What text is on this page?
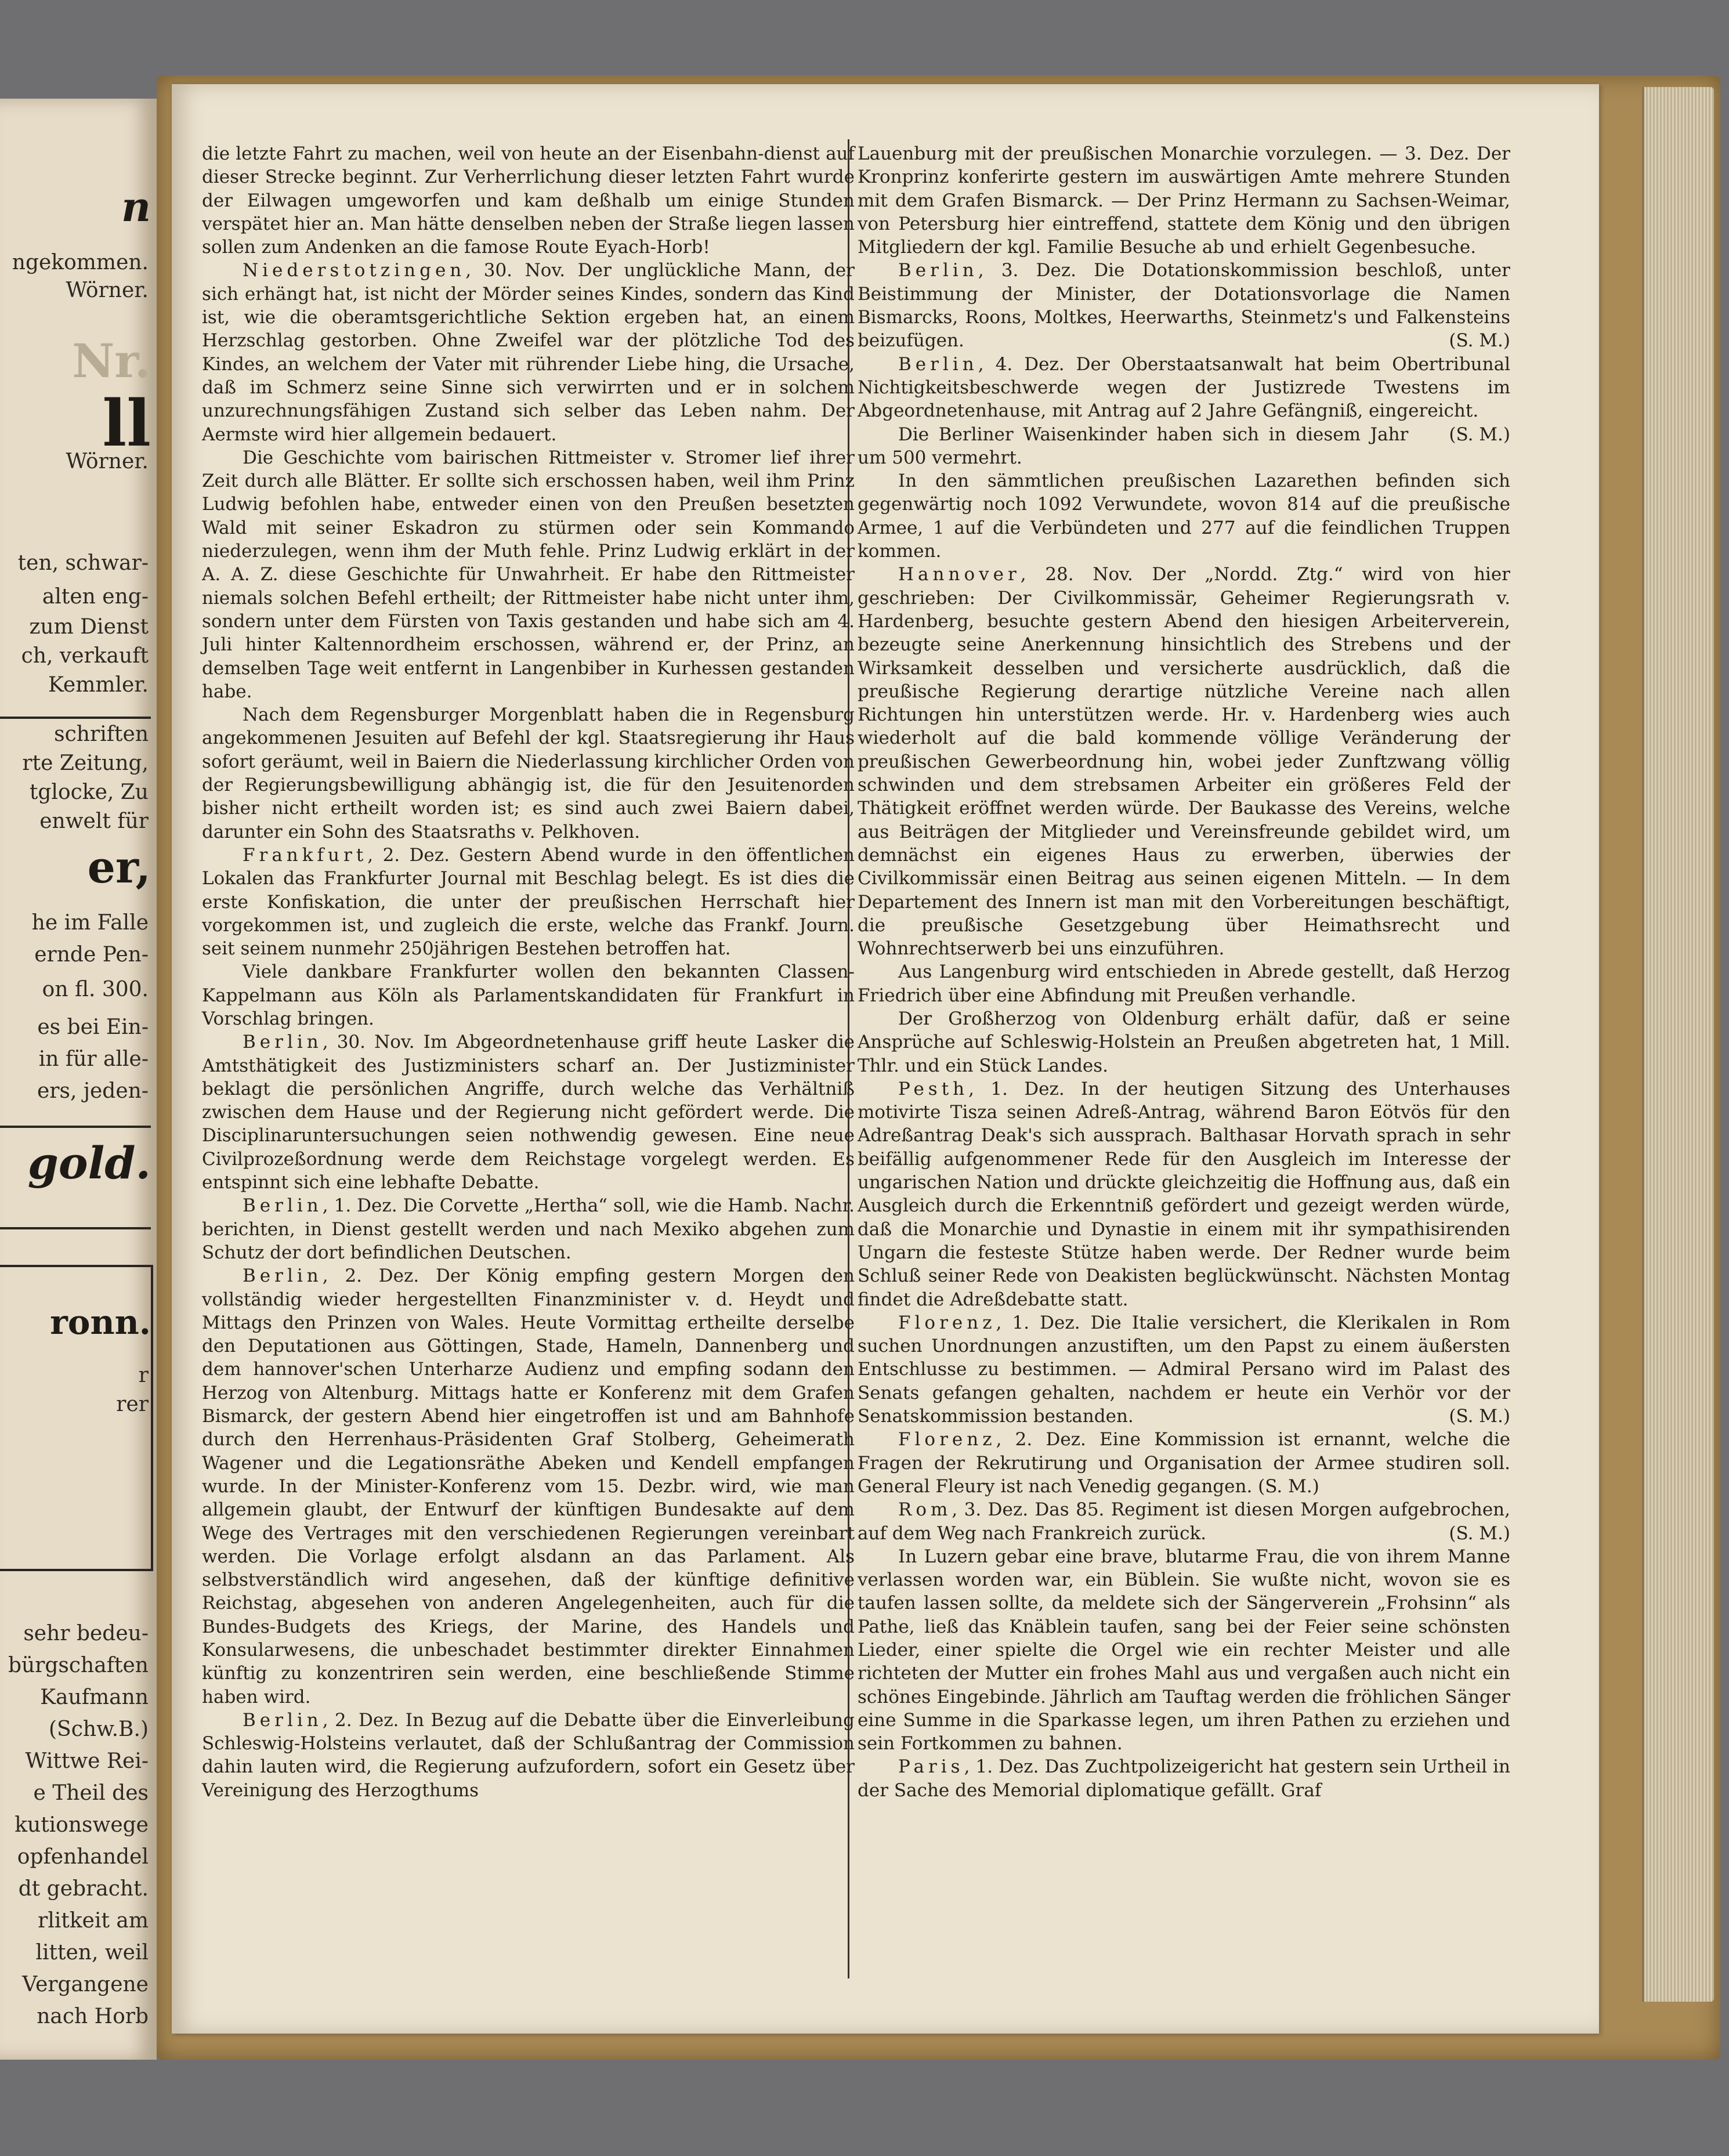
n
ngekommen.
Wörner.
Nr.
ll
Wörner.
ten, schwar-
alten eng-
zum Dienst
ch, verkauft
Kemmler.
schriften
rte Zeitung,
tglocke, Zu
enwelt für
er,
he im Falle
ernde Pen-
on fl. 300.
es bei Ein-
in für alle-
ers, jeden-
gold.
ronn.
r
rer
sehr bedeu-
bürgschaften
Kaufmann
(Schw.B.)
Wittwe Rei-
e Theil des
kutionswege
opfenhandel
dt gebracht.
rlitkeit am
litten, weil
Vergangene
nach Horb

die letzte Fahrt zu machen, weil von heute an der Eisenbahn-dienst auf dieser Strecke beginnt. Zur Verherrlichung dieser letzten Fahrt wurde der Eilwagen umgeworfen und kam deßhalb um einige Stunden verspätet hier an. Man hätte denselben neben der Straße liegen lassen sollen zum Andenken an die famose Route Eyach-Horb!

Niederstotzingen, 30. Nov. Der unglückliche Mann, der sich erhängt hat, ist nicht der Mörder seines Kindes, sondern das Kind ist, wie die oberamtsgerichtliche Sektion ergeben hat, an einem Herzschlag gestorben. Ohne Zweifel war der plötzliche Tod des Kindes, an welchem der Vater mit rührender Liebe hing, die Ursache, daß im Schmerz seine Sinne sich verwirrten und er in solchem unzurechnungsfähigen Zustand sich selber das Leben nahm. Der Aermste wird hier allgemein bedauert.

Die Geschichte vom bairischen Rittmeister v. Stromer lief ihrer Zeit durch alle Blätter. Er sollte sich erschossen haben, weil ihm Prinz Ludwig befohlen habe, entweder einen von den Preußen besetzten Wald mit seiner Eskadron zu stürmen oder sein Kommando niederzulegen, wenn ihm der Muth fehle. Prinz Ludwig erklärt in der A. A. Z. diese Geschichte für Unwahrheit. Er habe den Rittmeister niemals solchen Befehl ertheilt; der Rittmeister habe nicht unter ihm, sondern unter dem Fürsten von Taxis gestanden und habe sich am 4. Juli hinter Kaltennordheim erschossen, während er, der Prinz, an demselben Tage weit entfernt in Langenbiber in Kurhessen gestanden habe.

Nach dem Regensburger Morgenblatt haben die in Regensburg angekommenen Jesuiten auf Befehl der kgl. Staatsregierung ihr Haus sofort geräumt, weil in Baiern die Niederlassung kirchlicher Orden von der Regierungsbewilligung abhängig ist, die für den Jesuitenorden bisher nicht ertheilt worden ist; es sind auch zwei Baiern dabei, darunter ein Sohn des Staatsraths v. Pelkhoven.

Frankfurt, 2. Dez. Gestern Abend wurde in den öffentlichen Lokalen das Frankfurter Journal mit Beschlag belegt. Es ist dies die erste Konfiskation, die unter der preußischen Herrschaft hier vorgekommen ist, und zugleich die erste, welche das Frankf. Journ. seit seinem nunmehr 250jährigen Bestehen betroffen hat.

Viele dankbare Frankfurter wollen den bekannten Classen-Kappelmann aus Köln als Parlamentskandidaten für Frankfurt in Vorschlag bringen.

Berlin, 30. Nov. Im Abgeordnetenhause griff heute Lasker die Amtsthätigkeit des Justizministers scharf an. Der Justizminister beklagt die persönlichen Angriffe, durch welche das Verhältniß zwischen dem Hause und der Regierung nicht gefördert werde. Die Disciplinaruntersuchungen seien nothwendig gewesen. Eine neue Civilprozeßordnung werde dem Reichstage vorgelegt werden. Es entspinnt sich eine lebhafte Debatte.

Berlin, 1. Dez. Die Corvette „Hertha“ soll, wie die Hamb. Nachr. berichten, in Dienst gestellt werden und nach Mexiko abgehen zum Schutz der dort befindlichen Deutschen.

Berlin, 2. Dez. Der König empfing gestern Morgen den vollständig wieder hergestellten Finanzminister v. d. Heydt und Mittags den Prinzen von Wales. Heute Vormittag ertheilte derselbe den Deputationen aus Göttingen, Stade, Hameln, Dannenberg und dem hannover'schen Unterharze Audienz und empfing sodann den Herzog von Altenburg. Mittags hatte er Konferenz mit dem Grafen Bismarck, der gestern Abend hier eingetroffen ist und am Bahnhofe durch den Herrenhaus-Präsidenten Graf Stolberg, Geheimerath Wagener und die Legationsräthe Abeken und Kendell empfangen wurde. In der Minister-Konferenz vom 15. Dezbr. wird, wie man allgemein glaubt, der Entwurf der künftigen Bundesakte auf dem Wege des Vertrages mit den verschiedenen Regierungen vereinbart werden. Die Vorlage erfolgt alsdann an das Parlament. Als selbstverständlich wird angesehen, daß der künftige definitive Reichstag, abgesehen von anderen Angelegenheiten, auch für die Bundes-Budgets des Kriegs, der Marine, des Handels und Konsularwesens, die unbeschadet bestimmter direkter Einnahmen künftig zu konzentriren sein werden, eine beschließende Stimme haben wird.

Berlin, 2. Dez. In Bezug auf die Debatte über die Einverleibung Schleswig-Holsteins verlautet, daß der Schlußantrag der Commission dahin lauten wird, die Regierung aufzufordern, sofort ein Gesetz über Vereinigung des Herzogthums

Lauenburg mit der preußischen Monarchie vorzulegen. — 3. Dez. Der Kronprinz konferirte gestern im auswärtigen Amte mehrere Stunden mit dem Grafen Bismarck. — Der Prinz Hermann zu Sachsen-Weimar, von Petersburg hier eintreffend, stattete dem König und den übrigen Mitgliedern der kgl. Familie Besuche ab und erhielt Gegenbesuche.

Berlin, 3. Dez. Die Dotationskommission beschloß, unter Beistimmung der Minister, der Dotationsvorlage die Namen Bismarcks, Roons, Moltkes, Heerwarths, Steinmetz's und Falkensteins beizufügen.	(S. M.)

Berlin, 4. Dez. Der Oberstaatsanwalt hat beim Obertribunal Nichtigkeitsbeschwerde wegen der Justizrede Twestens im Abgeordnetenhause, mit Antrag auf 2 Jahre Gefängniß, eingereicht.
(S. M.)

Die Berliner Waisenkinder haben sich in diesem Jahr um 500 vermehrt.

In den sämmtlichen preußischen Lazarethen befinden sich gegenwärtig noch 1092 Verwundete, wovon 814 auf die preußische Armee, 1 auf die Verbündeten und 277 auf die feindlichen Truppen kommen.

Hannover, 28. Nov. Der „Nordd. Ztg.“ wird von hier geschrieben: Der Civilkommissär, Geheimer Regierungsrath v. Hardenberg, besuchte gestern Abend den hiesigen Arbeiterverein, bezeugte seine Anerkennung hinsichtlich des Strebens und der Wirksamkeit desselben und versicherte ausdrücklich, daß die preußische Regierung derartige nützliche Vereine nach allen Richtungen hin unterstützen werde. Hr. v. Hardenberg wies auch wiederholt auf die bald kommende völlige Veränderung der preußischen Gewerbeordnung hin, wobei jeder Zunftzwang völlig schwinden und dem strebsamen Arbeiter ein größeres Feld der Thätigkeit eröffnet werden würde. Der Baukasse des Vereins, welche aus Beiträgen der Mitglieder und Vereinsfreunde gebildet wird, um demnächst ein eigenes Haus zu erwerben, überwies der Civilkommissär einen Beitrag aus seinen eigenen Mitteln. — In dem Departement des Innern ist man mit den Vorbereitungen beschäftigt, die preußische Gesetzgebung über Heimathsrecht und Wohnrechtserwerb bei uns einzuführen.

Aus Langenburg wird entschieden in Abrede gestellt, daß Herzog Friedrich über eine Abfindung mit Preußen verhandle.

Der Großherzog von Oldenburg erhält dafür, daß er seine Ansprüche auf Schleswig-Holstein an Preußen abgetreten hat, 1 Mill. Thlr. und ein Stück Landes.

Pesth, 1. Dez. In der heutigen Sitzung des Unterhauses motivirte Tisza seinen Adreß-Antrag, während Baron Eötvös für den Adreßantrag Deak's sich aussprach. Balthasar Horvath sprach in sehr beifällig aufgenommener Rede für den Ausgleich im Interesse der ungarischen Nation und drückte gleichzeitig die Hoffnung aus, daß ein Ausgleich durch die Erkenntniß gefördert und gezeigt werden würde, daß die Monarchie und Dynastie in einem mit ihr sympathisirenden Ungarn die festeste Stütze haben werde. Der Redner wurde beim Schluß seiner Rede von Deakisten beglückwünscht. Nächsten Montag findet die Adreßdebatte statt.

Florenz, 1. Dez. Die Italie versichert, die Klerikalen in Rom suchen Unordnungen anzustiften, um den Papst zu einem äußersten Entschlusse zu bestimmen. — Admiral Persano wird im Palast des Senats gefangen gehalten, nachdem er heute ein Verhör vor der Senatskommission bestanden.	(S. M.)

Florenz, 2. Dez. Eine Kommission ist ernannt, welche die Fragen der Rekrutirung und Organisation der Armee studiren soll. General Fleury ist nach Venedig gegangen. (S. M.)

Rom, 3. Dez. Das 85. Regiment ist diesen Morgen aufgebrochen, auf dem Weg nach Frankreich zurück.	(S. M.)

In Luzern gebar eine brave, blutarme Frau, die von ihrem Manne verlassen worden war, ein Büblein. Sie wußte nicht, wovon sie es taufen lassen sollte, da meldete sich der Sängerverein „Frohsinn“ als Pathe, ließ das Knäblein taufen, sang bei der Feier seine schönsten Lieder, einer spielte die Orgel wie ein rechter Meister und alle richteten der Mutter ein frohes Mahl aus und vergaßen auch nicht ein schönes Eingebinde. Jährlich am Tauftag werden die fröhlichen Sänger eine Summe in die Sparkasse legen, um ihren Pathen zu erziehen und sein Fortkommen zu bahnen.

Paris, 1. Dez. Das Zuchtpolizeigericht hat gestern sein Urtheil in der Sache des Memorial diplomatique gefällt. Graf
